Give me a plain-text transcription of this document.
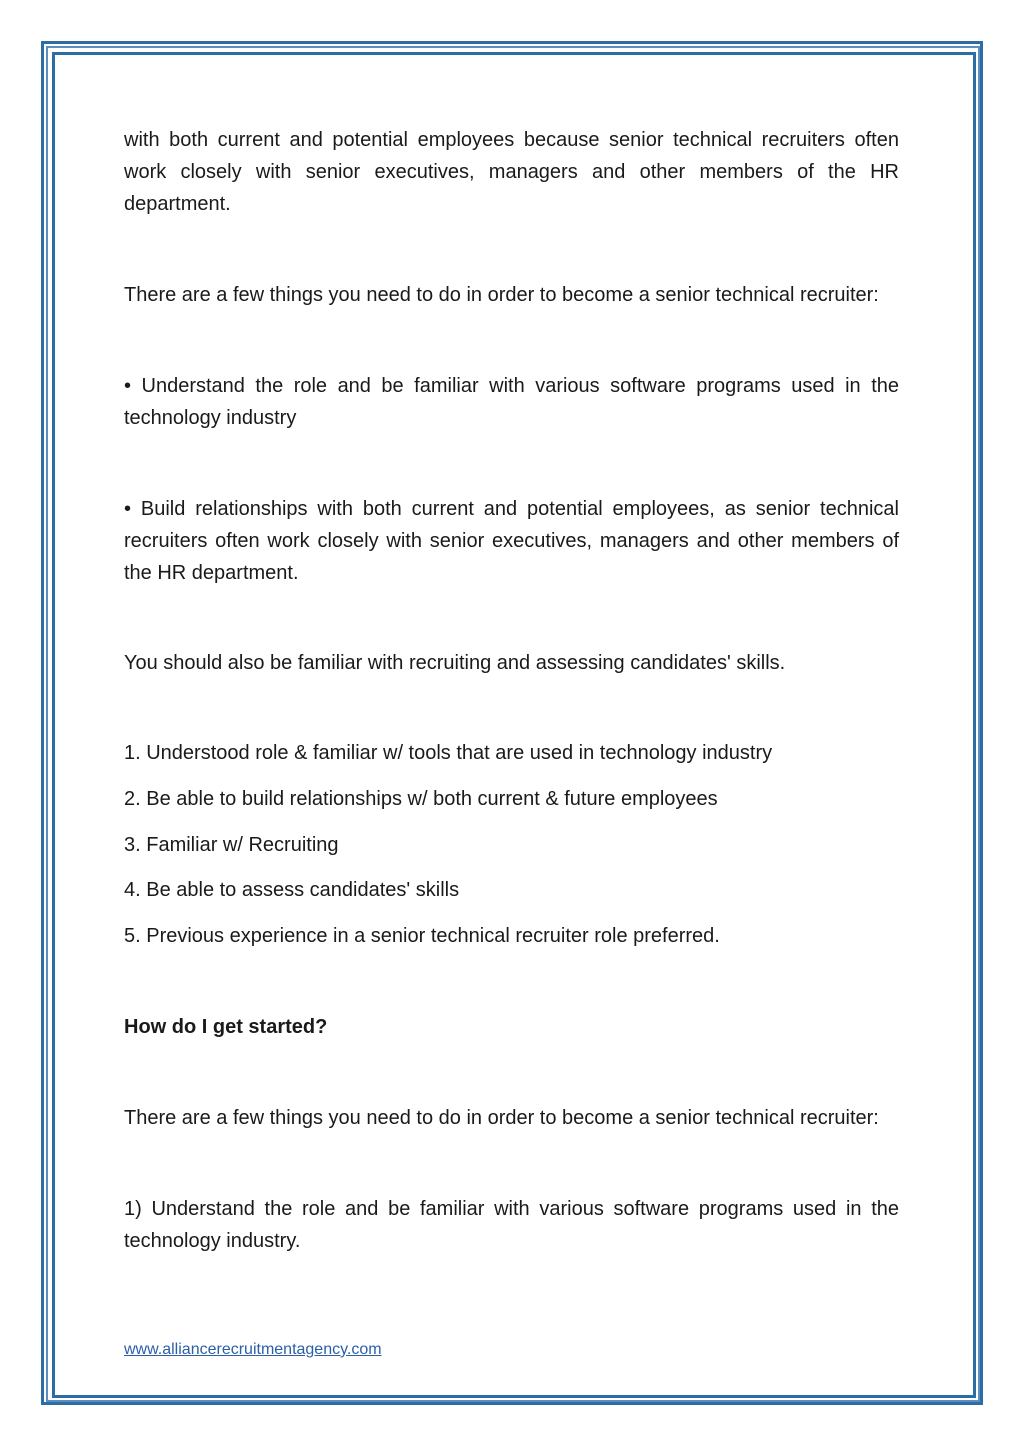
with both current and potential employees because senior technical recruiters often work closely with senior executives, managers and other members of the HR department.

There are a few things you need to do in order to become a senior technical recruiter:

• Understand the role and be familiar with various software programs used in the technology industry

• Build relationships with both current and potential employees, as senior technical recruiters often work closely with senior executives, managers and other members of the HR department.

You should also be familiar with recruiting and assessing candidates' skills.

1. Understood role & familiar w/ tools that are used in technology industry

2. Be able to build relationships w/ both current & future employees

3. Familiar w/ Recruiting

4. Be able to assess candidates' skills

5. Previous experience in a senior technical recruiter role preferred.

How do I get started?

There are a few things you need to do in order to become a senior technical recruiter:

1) Understand the role and be familiar with various software programs used in the technology industry.

www.alliancerecruitmentagency.com
